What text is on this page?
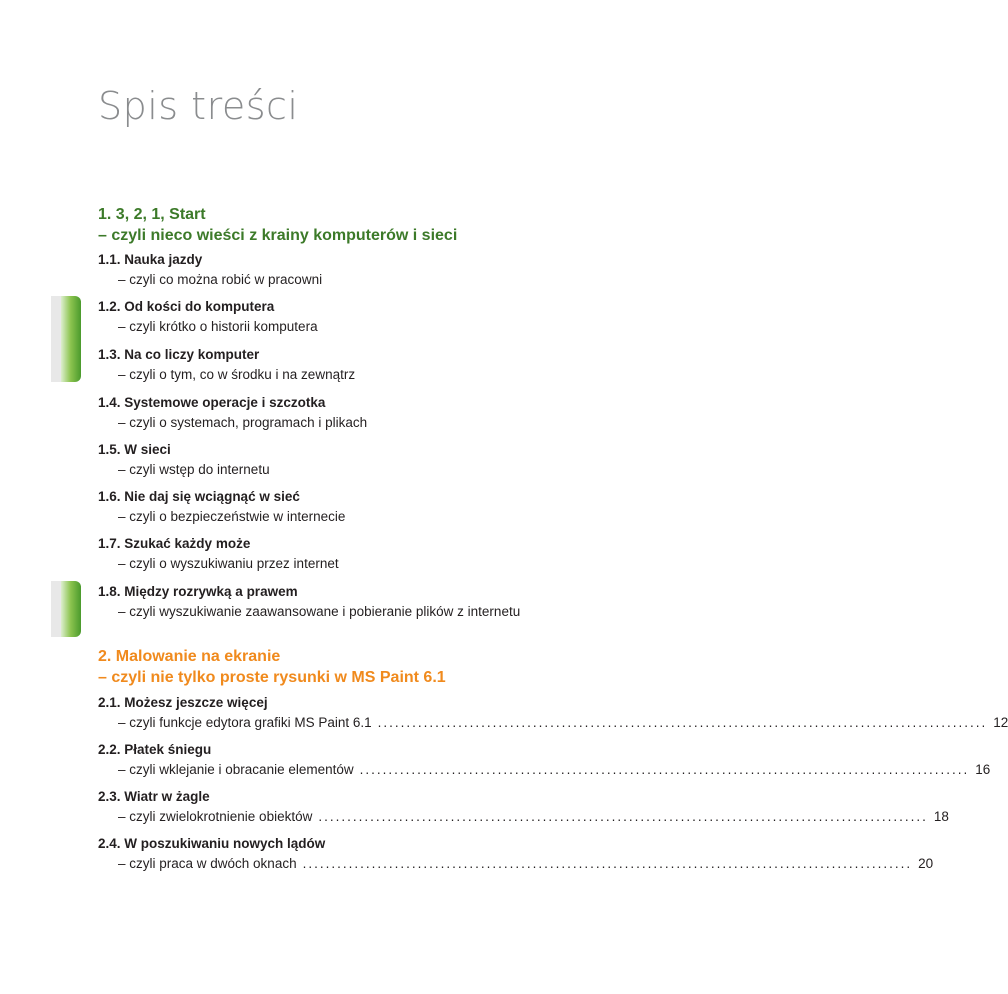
Spis treści
1. 3, 2, 1, Start
– czyli nieco wieści z krainy komputerów i sieci
1.1. Nauka jazdy
– czyli co można robić w pracowni
1.2. Od kości do komputera
– czyli krótko o historii komputera
1.3. Na co liczy komputer
– czyli o tym, co w środku i na zewnątrz
1.4. Systemowe operacje i szczotka
– czyli o systemach, programach i plikach
1.5. W sieci
– czyli wstęp do internetu
1.6. Nie daj się wciągnąć w sieć
– czyli o bezpieczeństwie w internecie
1.7. Szukać każdy może
– czyli o wyszukiwaniu przez internet
1.8. Między rozrywką a prawem
– czyli wyszukiwanie zaawansowane i pobieranie plików z internetu
2. Malowanie na ekranie
– czyli nie tylko proste rysunki w MS Paint 6.1
2.1. Możesz jeszcze więcej
– czyli funkcje edytora grafiki MS Paint 6.1 .......................................................................................................... 12
2.2. Płatek śniegu
– czyli wklejanie i obracanie elementów .......................................................................................................... 16
2.3. Wiatr w żagle
– czyli zwielokrotnienie obiektów .......................................................................................................... 18
2.4. W poszukiwaniu nowych lądów
– czyli praca w dwóch oknach .......................................................................................................... 20
